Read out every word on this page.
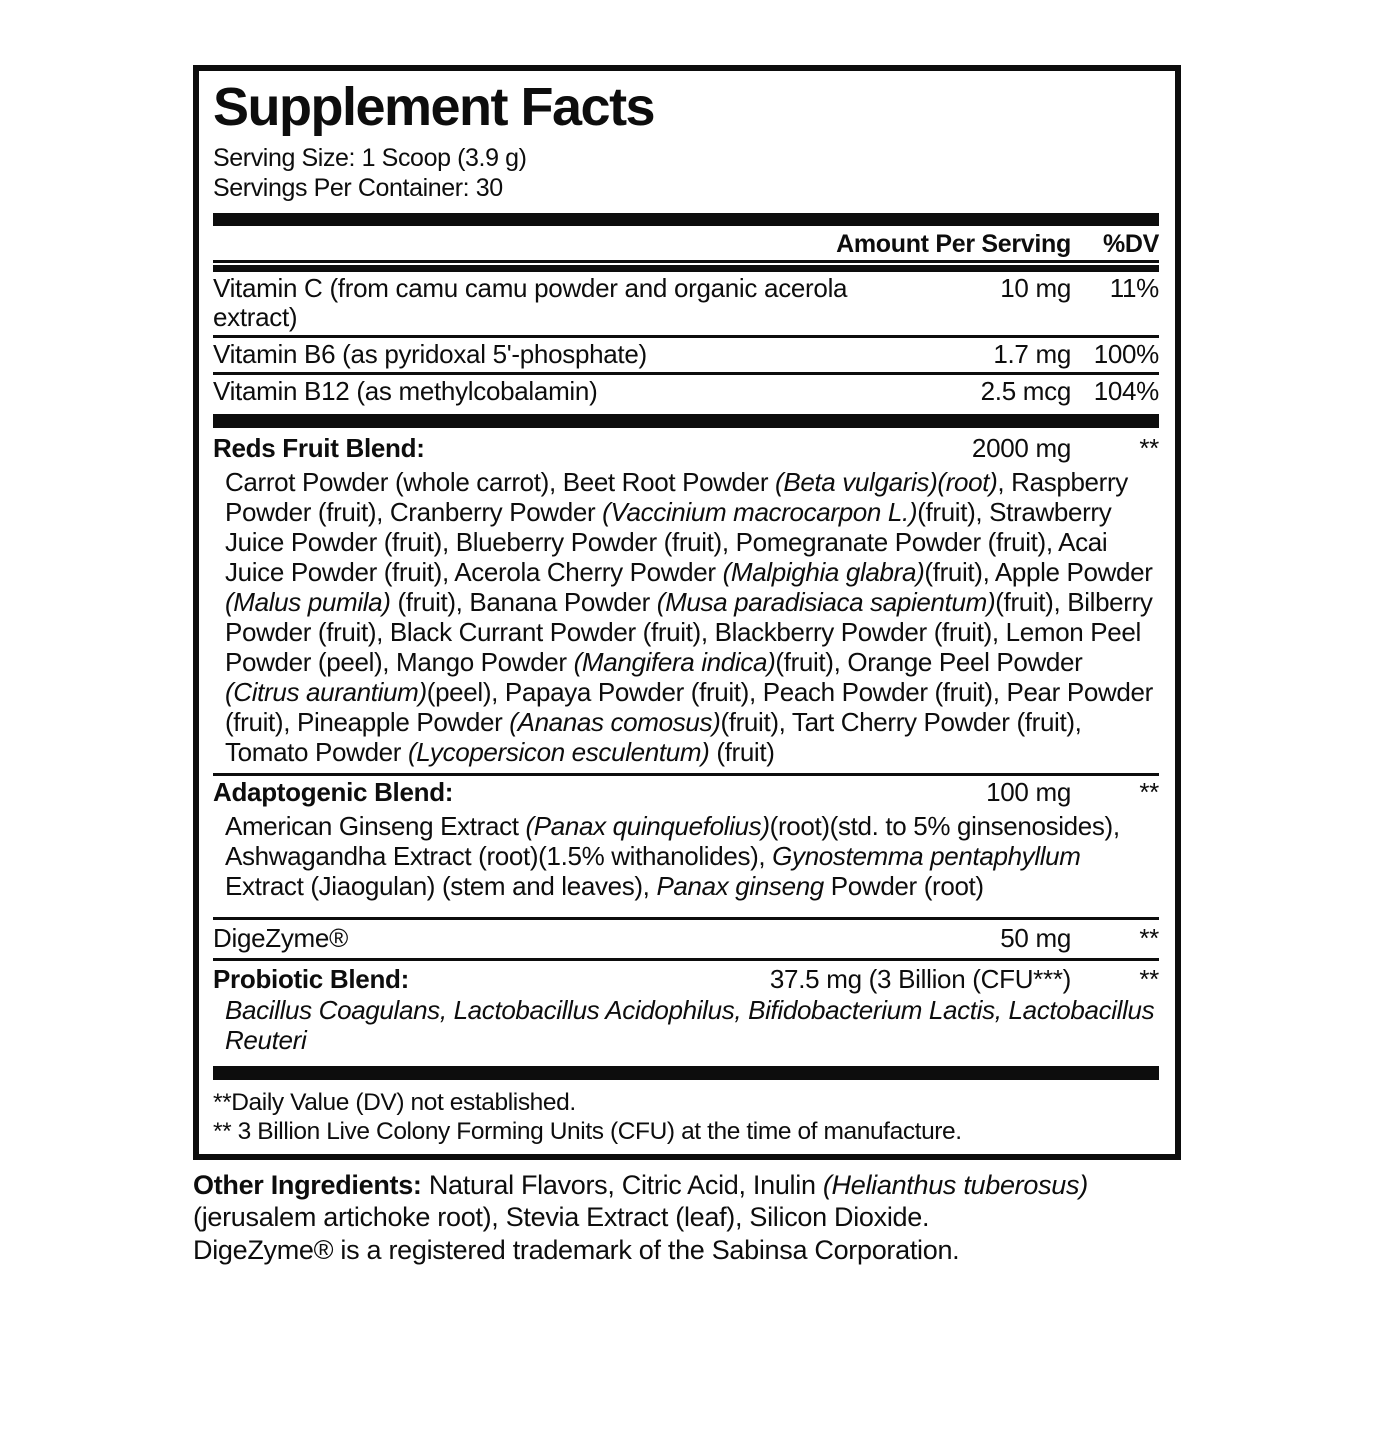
Supplement Facts
Serving Size: 1 Scoop (3.9 g)
Servings Per Container: 30
Amount Per Serving	%DV
Vitamin C (from camu camu powder and organic acerola extract)
10 mg	11%
Vitamin B6 (as pyridoxal 5'-phosphate)	1.7 mg 100%
Vitamin B12 (as methylcobalamin)	2.5 mcg 104%
Reds Fruit Blend:	2000 mg	**
Carrot Powder (whole carrot), Beet Root Powder (Beta vulgaris)(root), Raspberry Powder (fruit), Cranberry Powder (Vaccinium macrocarpon L.)(fruit), Strawberry Juice Powder (fruit), Blueberry Powder (fruit), Pomegranate Powder (fruit), Acai Juice Powder (fruit), Acerola Cherry Powder (Malpighia glabra)(fruit), Apple Powder (Malus pumila) (fruit), Banana Powder (Musa paradisiaca sapientum)(fruit), Bilberry Powder (fruit), Black Currant Powder (fruit), Blackberry Powder (fruit), Lemon Peel Powder (peel), Mango Powder (Mangifera indica)(fruit), Orange Peel Powder (Citrus aurantium)(peel), Papaya Powder (fruit), Peach Powder (fruit), Pear Powder (fruit), Pineapple Powder (Ananas comosus)(fruit), Tart Cherry Powder (fruit), Tomato Powder (Lycopersicon esculentum) (fruit)
Adaptogenic Blend:	100 mg	**
American Ginseng Extract (Panax quinquefolius)(root)(std. to 5% ginsenosides), Ashwagandha Extract (root)(1.5% withanolides), Gynostemma pentaphyllum Extract (Jiaogulan) (stem and leaves), Panax ginseng Powder (root)
DigeZyme®	50 mg	**
Probiotic Blend:	37.5 mg (3 Billion (CFU***)	**
Bacillus Coagulans, Lactobacillus Acidophilus, Bifidobacterium Lactis, Lactobacillus Reuteri
**Daily Value (DV) not established.
** 3 Billion Live Colony Forming Units (CFU) at the time of manufacture.
Other Ingredients: Natural Flavors, Citric Acid, Inulin (Helianthus tuberosus)(jerusalem artichoke root), Stevia Extract (leaf), Silicon Dioxide.
DigeZyme® is a registered trademark of the Sabinsa Corporation.
